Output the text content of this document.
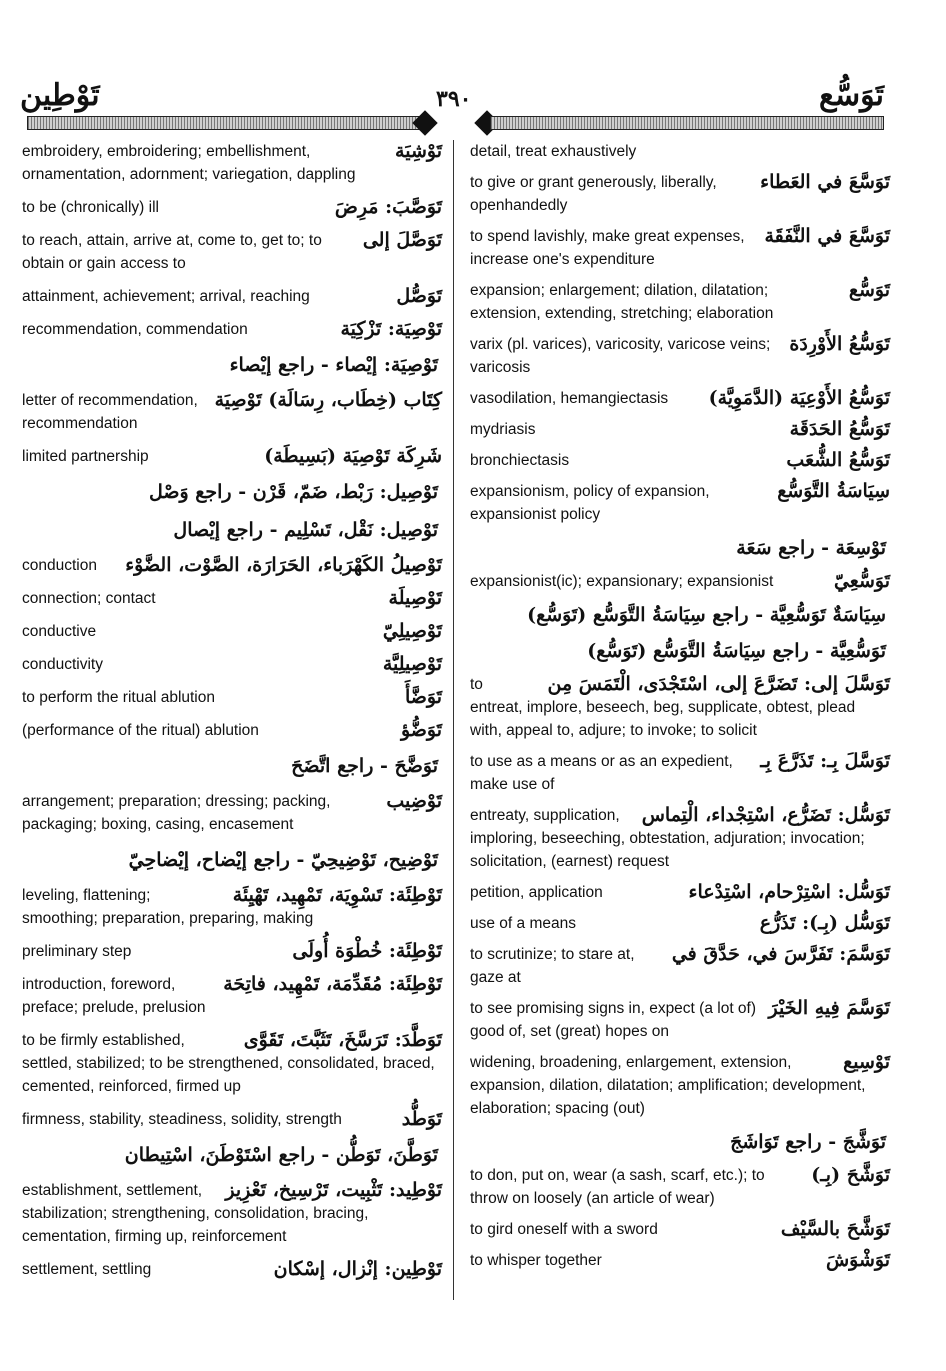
تَوْطِين	٣٩٠	تَوَسُّع
تَوْشِيَة
embroidery, embroidering; embellishment, ornamentation, adornment; variegation, dappling
تَوَصَّبَ: مَرِضَ
to be (chronically) ill
تَوَصَّلَ إلى
to reach, attain, arrive at, come to, get to; to obtain or gain access to
تَوَصُّل
attainment, achievement; arrival, reaching
تَوْصِيَة: تَزْكِيَة
recommendation, commendation
تَوْصِيَة: إيْصاء - راجع إيْصاء
كِتَاب (خِطَاب، رِسَالَة) تَوْصِيَة
letter of recommendation, recommendation
شَرِكَة تَوْصِيَة (بَسِيطَة)
limited partnership
تَوْصِيل: رَبْط، ضَمّ، قَرْن - راجع وَصْل
تَوْصِيل: نَقْل، تَسْلِيم - راجع إيْصال
تَوْصِيلُ الكَهْرَباء، الحَرَارَة، الصَّوْت، الضَّوْء
conduction
تَوْصِيلَة
connection; contact
تَوْصِيلِيّ
conductive
تَوْصِيلِيَّة
conductivity
تَوَضَّأَ
to perform the ritual ablution
تَوَضُّؤ
(performance of the ritual) ablution
تَوَضَّحَ - راجع اتَّضَحَ
تَوْضِيب
arrangement; preparation; dressing; packing, packaging; boxing, casing, encasement
تَوْضِيح، تَوْضِيحِيّ - راجع إيْضاح، إيْضاحِيّ
تَوْطِئَة: تَسْوِيَة، تَمْهِيد، تَهْيِئَة
leveling, flattening; smoothing; preparation, preparing, making
تَوْطِئَة: خُطْوَة أُولَى
preliminary step
تَوْطِئَة: مُقَدِّمَة، تَمْهِيد، فاتِحَة
introduction, foreword, preface; prelude, prelusion
تَوَطَّدَ: تَرَسَّخَ، تَثَبَّتَ، تَقَوَّى
to be firmly established, settled, stabilized; to be strengthened, consolidated, braced, cemented, reinforced, firmed up
تَوَطُّد
firmness, stability, steadiness, solidity, strength
تَوَطَّنَ، تَوَطُّن - راجع اسْتَوْطَنَ، اسْتِيطان
تَوْطِيد: تَثْبِيت، تَرْسِيخ، تَعْزِيز
establishment, settlement, stabilization; strengthening, consolidation, bracing, cementation, firming up, reinforcement
تَوْطِين: إنْزال، إسْكان
settlement, settling
detail, treat exhaustively
تَوَسَّعَ في العَطاء
to give or grant generously, liberally, openhandedly
تَوَسَّعَ في النَّفَقَة
to spend lavishly, make great expenses, increase one's expenditure
تَوَسُّع
expansion; enlargement; dilation, dilatation; extension, extending, stretching; elaboration
تَوَسُّعُ الأَوْرِدَة
varix (pl. varices), varicosity, varicose veins; varicosis
تَوَسُّعُ الأَوْعِيَة (الدَّمَوِيَّة)
vasodilation, hemangiectasis
تَوَسُّعُ الحَدَقَة
mydriasis
تَوَسُّعُ الشُّعَب
bronchiectasis
سِيَاسَةُ التَّوَسُّع
expansionism, policy of expansion, expansionist policy
تَوْسِعَة - راجع سَعَة
تَوَسُّعِيّ
expansionist(ic); expansionary; expansionist
سِيَاسَةٌ تَوَسُّعِيَّة - راجع سِيَاسَةُ التَّوَسُّع (تَوَسُّع)
تَوَسُّعِيَّة - راجع سِيَاسَةُ التَّوَسُّع (تَوَسُّع)
تَوَسَّلَ إلى: تَضَرَّعَ إلى، اسْتَجْدَى، الْتَمَسَ مِن
to entreat, implore, beseech, beg, supplicate, obtest, plead with, appeal to, adjure; to invoke; to solicit
تَوَسَّلَ بِـ: تَذَرَّعَ بِـ
to use as a means or as an expedient, make use of
تَوَسُّل: تَضَرُّع، اسْتِجْداء، الْتِماس
entreaty, supplication, imploring, beseeching, obtestation, adjuration; invocation; solicitation, (earnest) request
تَوَسُّل: اسْتِرْحام، اسْتِدْعاء
petition, application
تَوَسُّل (بِـ): تَذَرُّع
use of a means
تَوَسَّمَ: تَفَرَّسَ في، حَدَّقَ في
to scrutinize; to stare at, gaze at
تَوَسَّمَ فِيهِ الخَيْرَ
to see promising signs in, expect (a lot of) good of, set (great) hopes on
تَوْسِيع
widening, broadening, enlargement, extension, expansion, dilation, dilatation; amplification; development, elaboration; spacing (out)
تَوَشَّجَ - راجع تَوَاشَجَ
تَوَشَّحَ (بِـ)
to don, put on, wear (a sash, scarf, etc.); to throw on loosely (an article of wear)
تَوَشَّحَ بالسَّيْف
to gird oneself with a sword
تَوَشْوَشَ
to whisper together
